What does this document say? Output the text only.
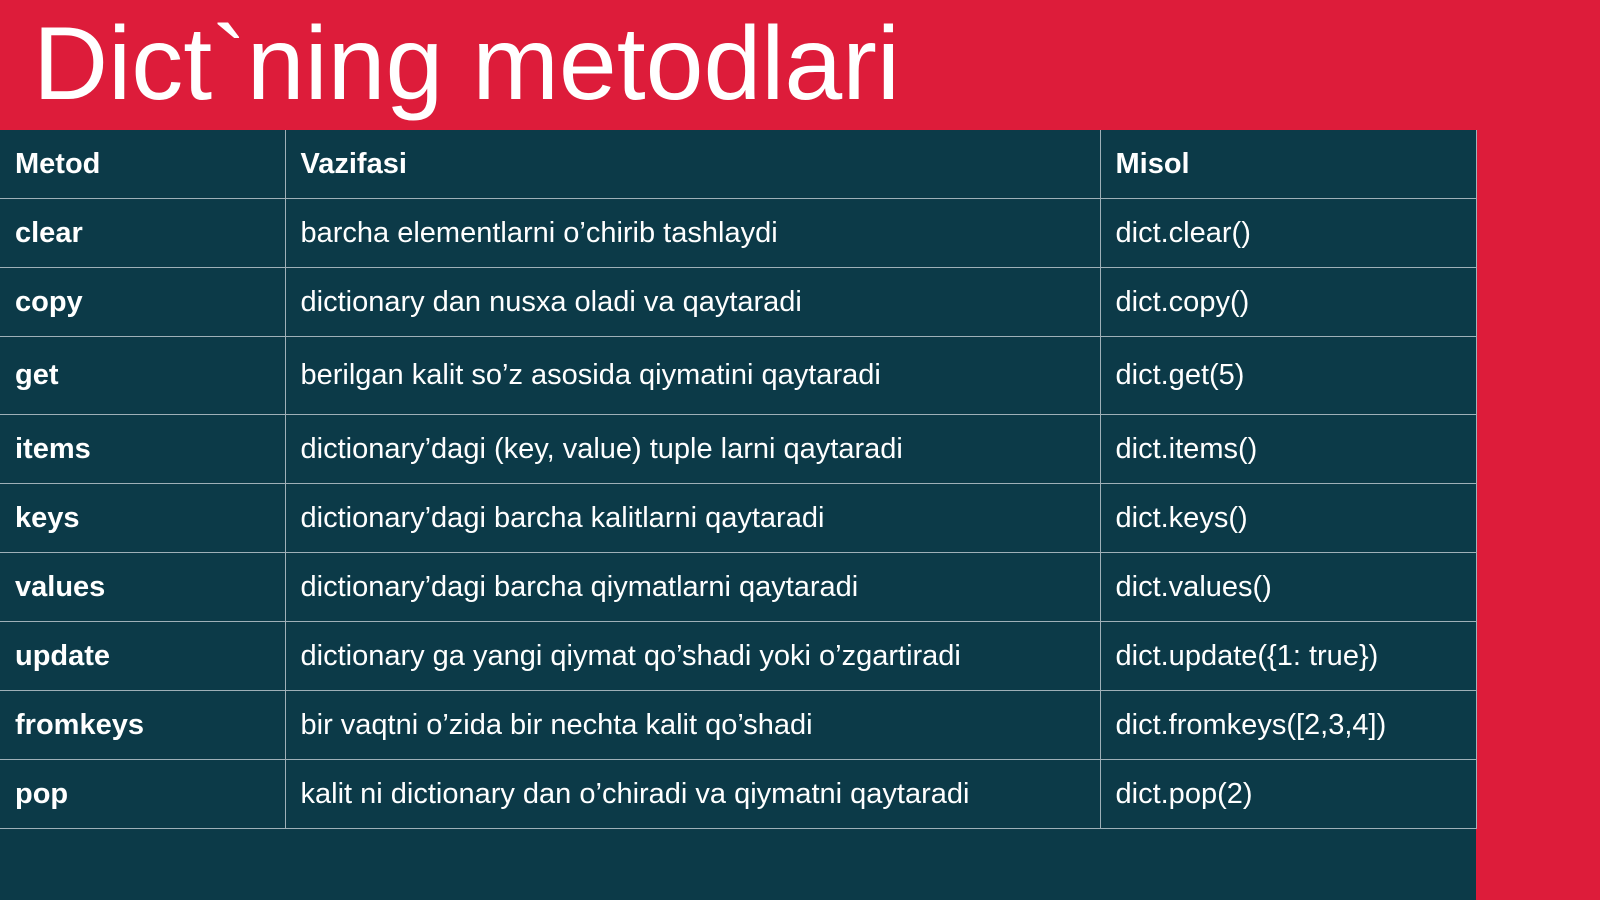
Dict`ning metodlari
Metod	Vazifasi	Misol
clear	barcha elementlarni o’chirib tashlaydi	dict.clear()
copy	dictionary dan nusxa oladi va qaytaradi	dict.copy()
get	berilgan kalit so’z asosida qiymatini qaytaradi	dict.get(5)
items	dictionary’dagi (key, value) tuple larni qaytaradi	dict.items()
keys	dictionary’dagi barcha kalitlarni qaytaradi	dict.keys()
values	dictionary’dagi barcha qiymatlarni qaytaradi	dict.values()
update	dictionary ga yangi qiymat qo’shadi yoki o’zgartiradi	dict.update({1: true})
fromkeys	bir vaqtni o’zida bir nechta kalit qo’shadi	dict.fromkeys([2,3,4])
pop	kalit ni dictionary dan o’chiradi va qiymatni qaytaradi	dict.pop(2)
